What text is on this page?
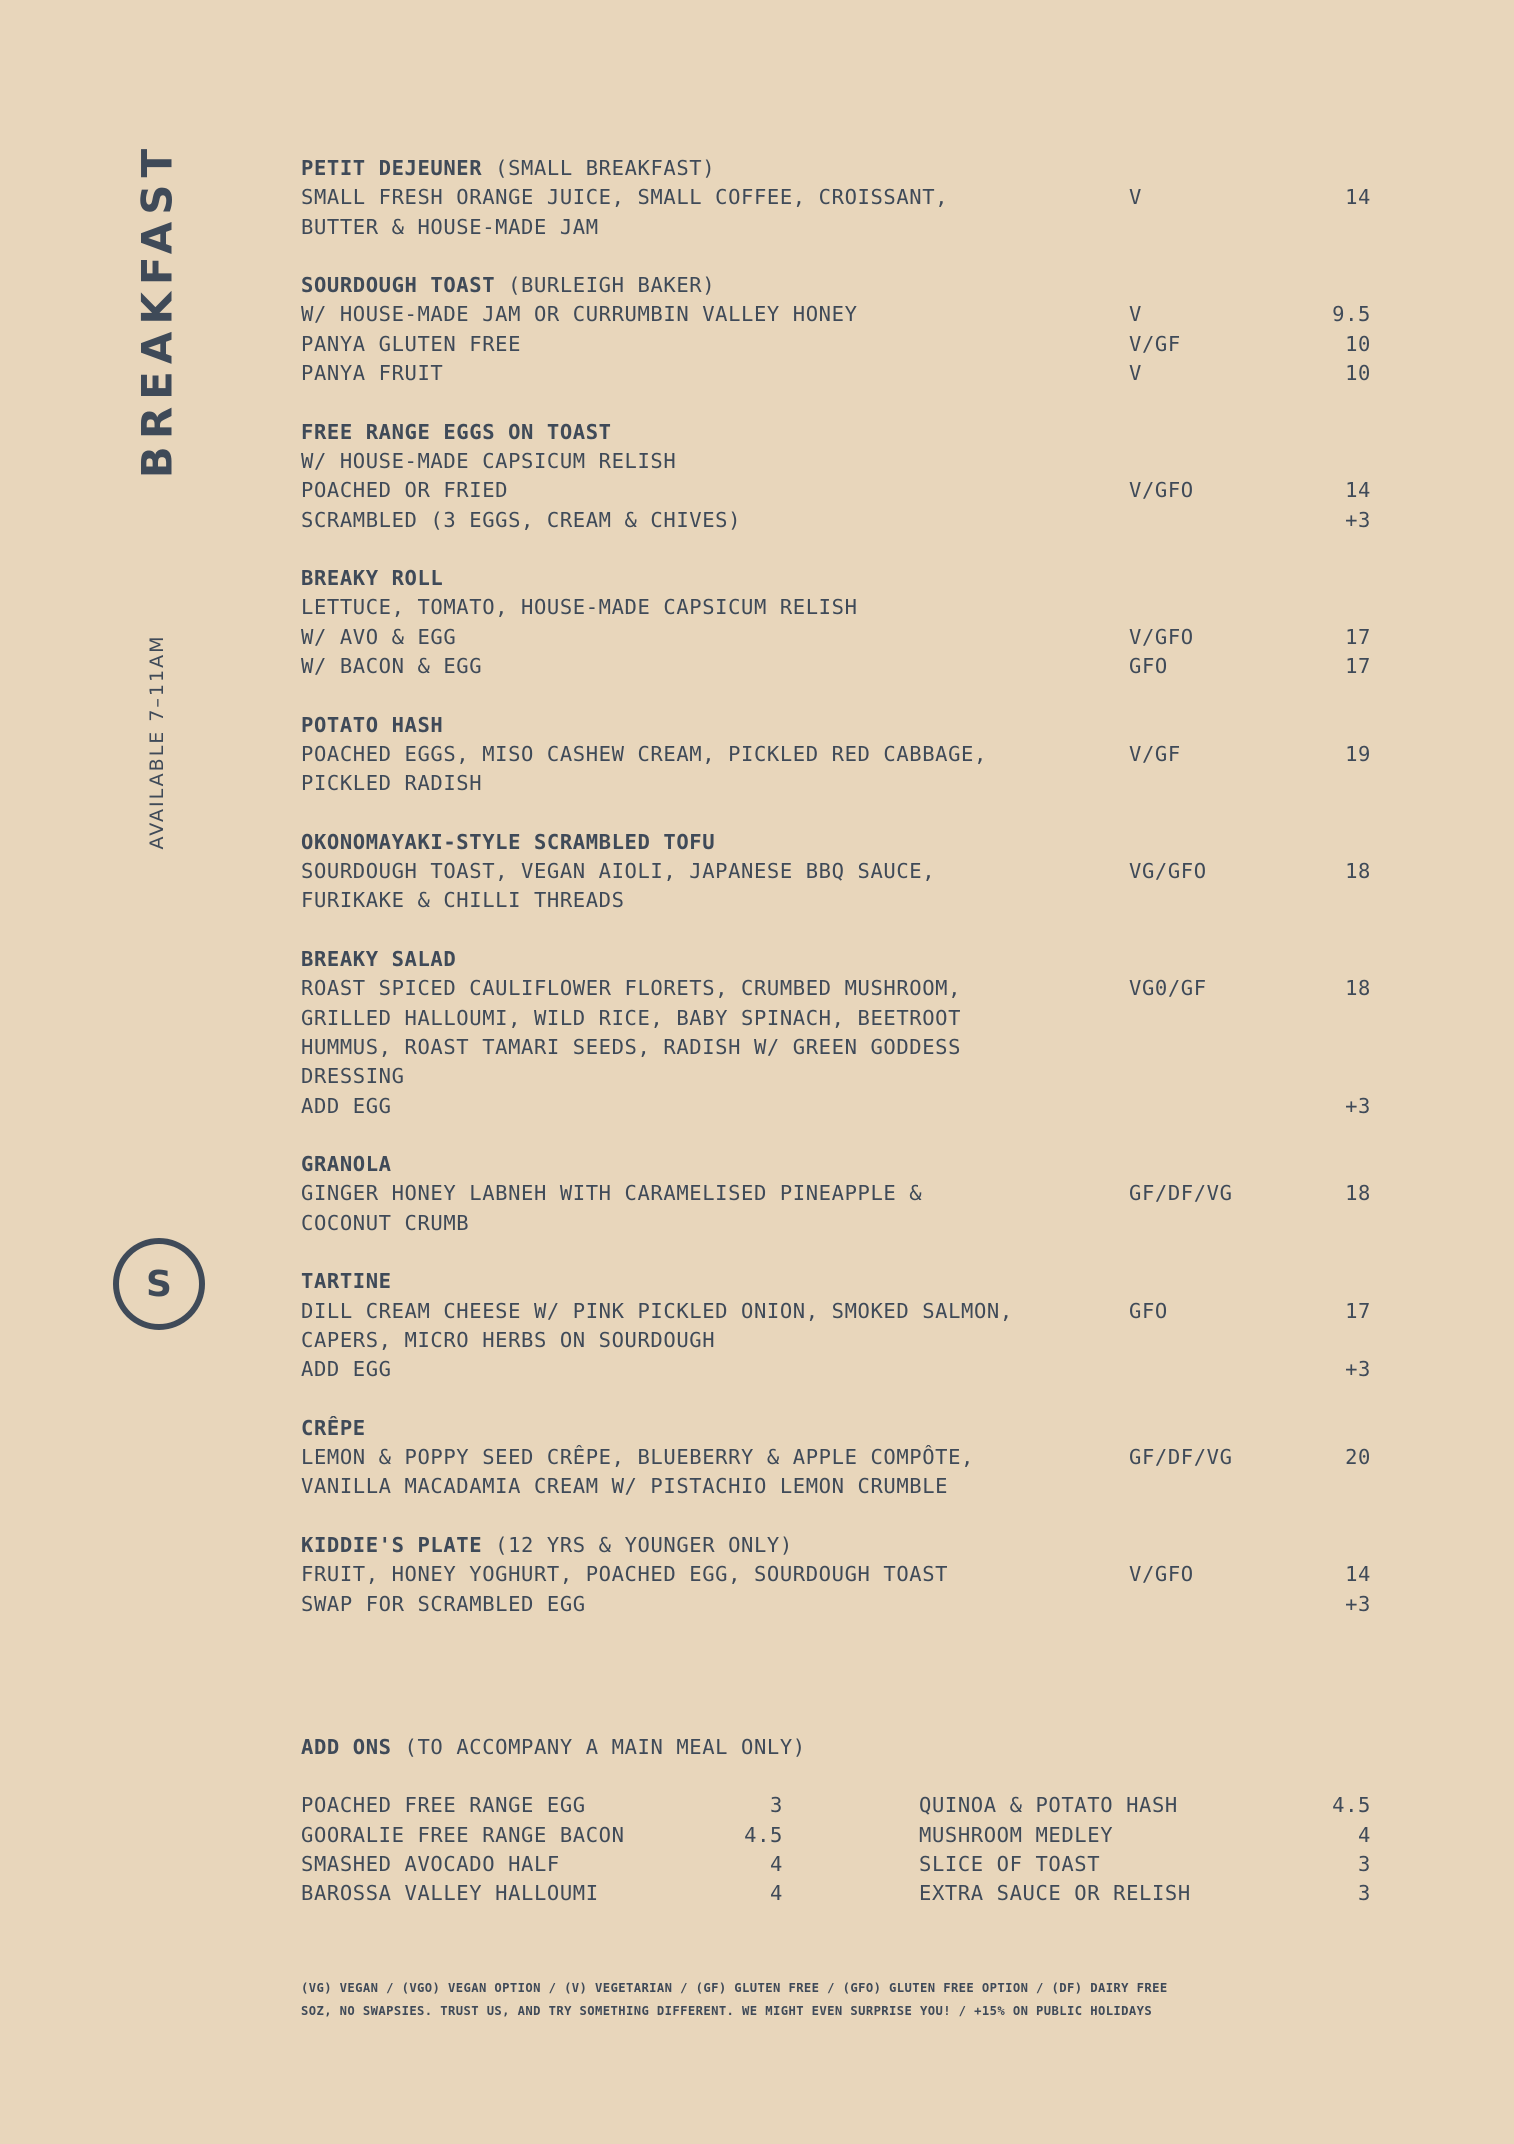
BREAKFAST
AVAILABLE 7–11AM
S
PETIT DEJEUNER (SMALL BREAKFAST)
SMALL FRESH ORANGE JUICE, SMALL COFFEE, CROISSANT,	V	14
BUTTER & HOUSE-MADE JAM
SOURDOUGH TOAST (BURLEIGH BAKER)
W/ HOUSE-MADE JAM OR CURRUMBIN VALLEY HONEY	V	9.5
PANYA GLUTEN FREE	V/GF	10
PANYA FRUIT	V	10
FREE RANGE EGGS ON TOAST
W/ HOUSE-MADE CAPSICUM RELISH
POACHED OR FRIED	V/GFO	14
SCRAMBLED (3 EGGS, CREAM & CHIVES)	+3
BREAKY ROLL
LETTUCE, TOMATO, HOUSE-MADE CAPSICUM RELISH
W/ AVO & EGG	V/GFO	17
W/ BACON & EGG	GFO	17
POTATO HASH
POACHED EGGS, MISO CASHEW CREAM, PICKLED RED CABBAGE,	V/GF	19
PICKLED RADISH
OKONOMAYAKI-STYLE SCRAMBLED TOFU
SOURDOUGH TOAST, VEGAN AIOLI, JAPANESE BBQ SAUCE,	VG/GFO	18
FURIKAKE & CHILLI THREADS
BREAKY SALAD
ROAST SPICED CAULIFLOWER FLORETS, CRUMBED MUSHROOM,	VG0/GF	18
GRILLED HALLOUMI, WILD RICE, BABY SPINACH, BEETROOT
HUMMUS, ROAST TAMARI SEEDS, RADISH W/ GREEN GODDESS
DRESSING
ADD EGG	+3
GRANOLA
GINGER HONEY LABNEH WITH CARAMELISED PINEAPPLE &	GF/DF/VG	18
COCONUT CRUMB
TARTINE
DILL CREAM CHEESE W/ PINK PICKLED ONION, SMOKED SALMON,	GFO	17
CAPERS, MICRO HERBS ON SOURDOUGH
ADD EGG	+3
CRÊPE
LEMON & POPPY SEED CRÊPE, BLUEBERRY & APPLE COMPÔTE,	GF/DF/VG	20
VANILLA MACADAMIA CREAM W/ PISTACHIO LEMON CRUMBLE
KIDDIE'S PLATE (12 YRS & YOUNGER ONLY)
FRUIT, HONEY YOGHURT, POACHED EGG, SOURDOUGH TOAST	V/GFO	14
SWAP FOR SCRAMBLED EGG	+3
ADD ONS (TO ACCOMPANY A MAIN MEAL ONLY)
POACHED FREE RANGE EGG	3
GOORALIE FREE RANGE BACON	4.5
SMASHED AVOCADO HALF	4
BAROSSA VALLEY HALLOUMI	4
QUINOA & POTATO HASH	4.5
MUSHROOM MEDLEY	4
SLICE OF TOAST	3
EXTRA SAUCE OR RELISH	3
(VG) VEGAN / (VGO) VEGAN OPTION / (V) VEGETARIAN / (GF) GLUTEN FREE / (GFO) GLUTEN FREE OPTION / (DF) DAIRY FREE
SOZ, NO SWAPSIES. TRUST US, AND TRY SOMETHING DIFFERENT. WE MIGHT EVEN SURPRISE YOU! / +15% ON PUBLIC HOLIDAYS
